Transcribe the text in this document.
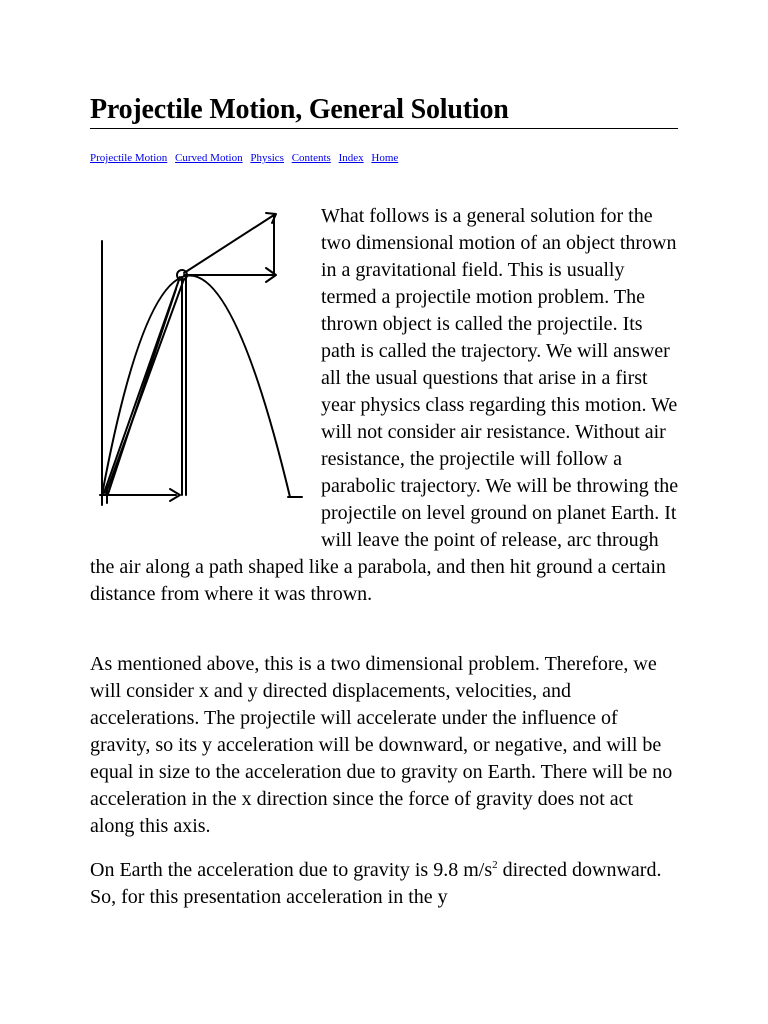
Projectile Motion, General Solution
Projectile Motion Curved Motion Physics Contents Index Home

What follows is a general solution for the two dimensional motion of an object thrown in a gravitational field. This is usually termed a projectile motion problem. The thrown object is called the projectile. Its path is called the trajectory. We will answer all the usual questions that arise in a first year physics class regarding this motion. We will not consider air resistance. Without air resistance, the projectile will follow a parabolic trajectory. We will be throwing the projectile on level ground on planet Earth. It will leave the point of release, arc through the air along a path shaped like a parabola, and then hit ground a certain distance from where it was thrown.

As mentioned above, this is a two dimensional problem. Therefore, we will consider x and y directed displacements, velocities, and accelerations. The projectile will accelerate under the influence of gravity, so its y acceleration will be downward, or negative, and will be equal in size to the acceleration due to gravity on Earth. There will be no acceleration in the x direction since the force of gravity does not act along this axis.

On Earth the acceleration due to gravity is 9.8 $m/s^2$ directed downward. So, for this presentation acceleration in the y
